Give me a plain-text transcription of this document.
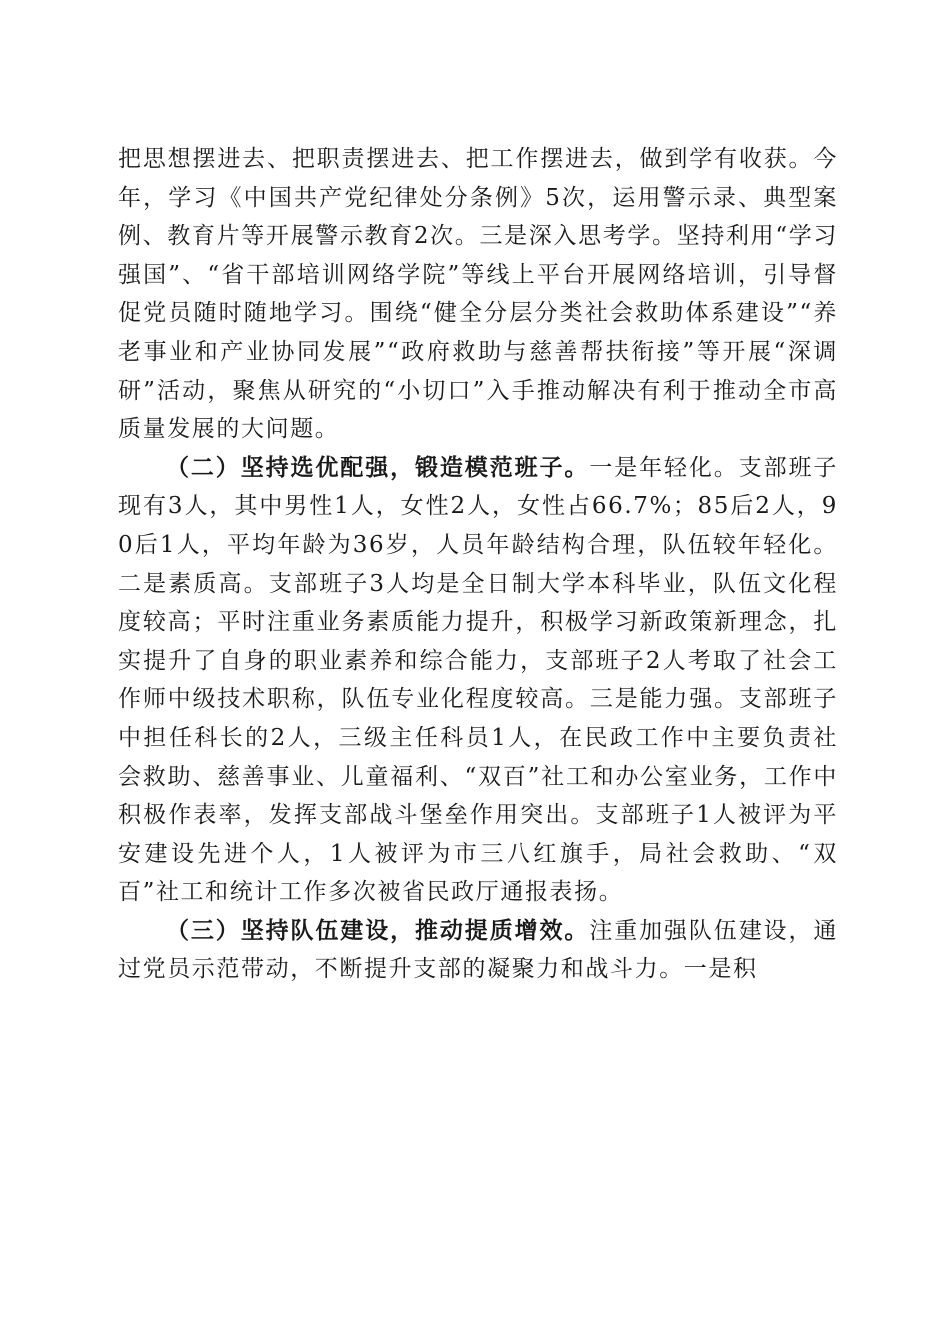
把思想摆进去、把职责摆进去、把工作摆进去，做到学有收获。今年，学习《中国共产党纪律处分条例》5次，运用警示录、典型案例、教育片等开展警示教育2次。三是深入思考学。坚持利用“学习强国”、“省干部培训网络学院”等线上平台开展网络培训，引导督促党员随时随地学习。围绕“健全分层分类社会救助体系建设”“养老事业和产业协同发展”“政府救助与慈善帮扶衔接”等开展“深调研”活动，聚焦从研究的“小切口”入手推动解决有利于推动全市高质量发展的大问题。

（二）坚持选优配强，锻造模范班子。一是年轻化。支部班子现有3人，其中男性1人，女性2人，女性占66.7%；85后2人，90后1人，平均年龄为36岁，人员年龄结构合理，队伍较年轻化。二是素质高。支部班子3人均是全日制大学本科毕业，队伍文化程度较高；平时注重业务素质能力提升，积极学习新政策新理念，扎实提升了自身的职业素养和综合能力，支部班子2人考取了社会工作师中级技术职称，队伍专业化程度较高。三是能力强。支部班子中担任科长的2人，三级主任科员1人，在民政工作中主要负责社会救助、慈善事业、儿童福利、“双百”社工和办公室业务，工作中积极作表率，发挥支部战斗堡垒作用突出。支部班子1人被评为平安建设先进个人，1人被评为市三八红旗手，局社会救助、“双百”社工和统计工作多次被省民政厅通报表扬。

（三）坚持队伍建设，推动提质增效。注重加强队伍建设，通过党员示范带动，不断提升支部的凝聚力和战斗力。一是积
